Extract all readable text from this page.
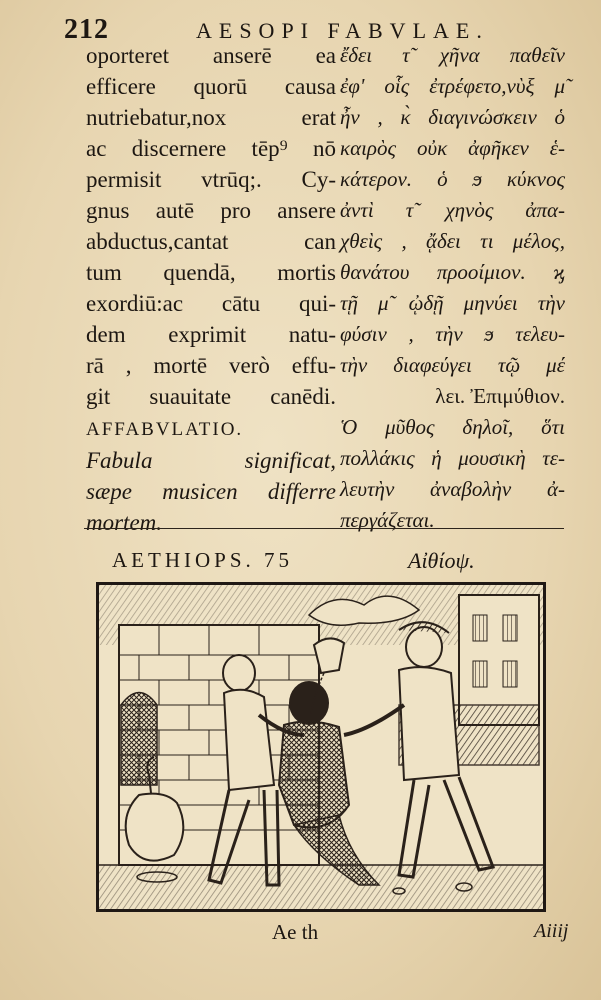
212	AESOPI FABVLAE.
oporteret anserē ea
efficere quorū causa
nutriebatur,nox erat
ac discernere tēp⁹ nō
permisit vtrūq;. Cy-
gnus autē pro ansere
abductus,cantat can
tum quendā, mortis
exordiū:ac cātu qui-
dem exprimit natu-
rā , mortē verò effu-
git suauitate canēdi.
AFFABVLATIO.
Fabula significat,
sæpe musicen differre
mortem.
ἔδει τ̃ χῆνα παθεῖν
ἐφ' οἷς ἐτρέφετο,νὺξ μ̃
ἦν , κ̀ διαγινώσκειν ὁ
καιρὸς οὐκ ἀφῆκεν ἑ-
κάτερον. ὁ ϧ κύκνος
ἀντὶ τ̃ χηνὸς ἀπα-
χθεὶς , ᾄδει τι μέλος,
θανάτου προοίμιον. ϗ
τῇ μ̃ ᾠδῇ μηνύει τὴν
φύσιν , τὴν ϧ τελευ-
τὴν διαφεύγει τῷ μέ
λει. Ἐπιμύθιον.
Ὁ μῦθος δηλοῖ, ὅτι
πολλάκις ἡ μουσικὴ τε-
λευτὴν ἀναβολὴν ἀ-
περγάζεται.
AETHIOPS. 75	Αἰθίοψ.
Ae th	Aiiij
